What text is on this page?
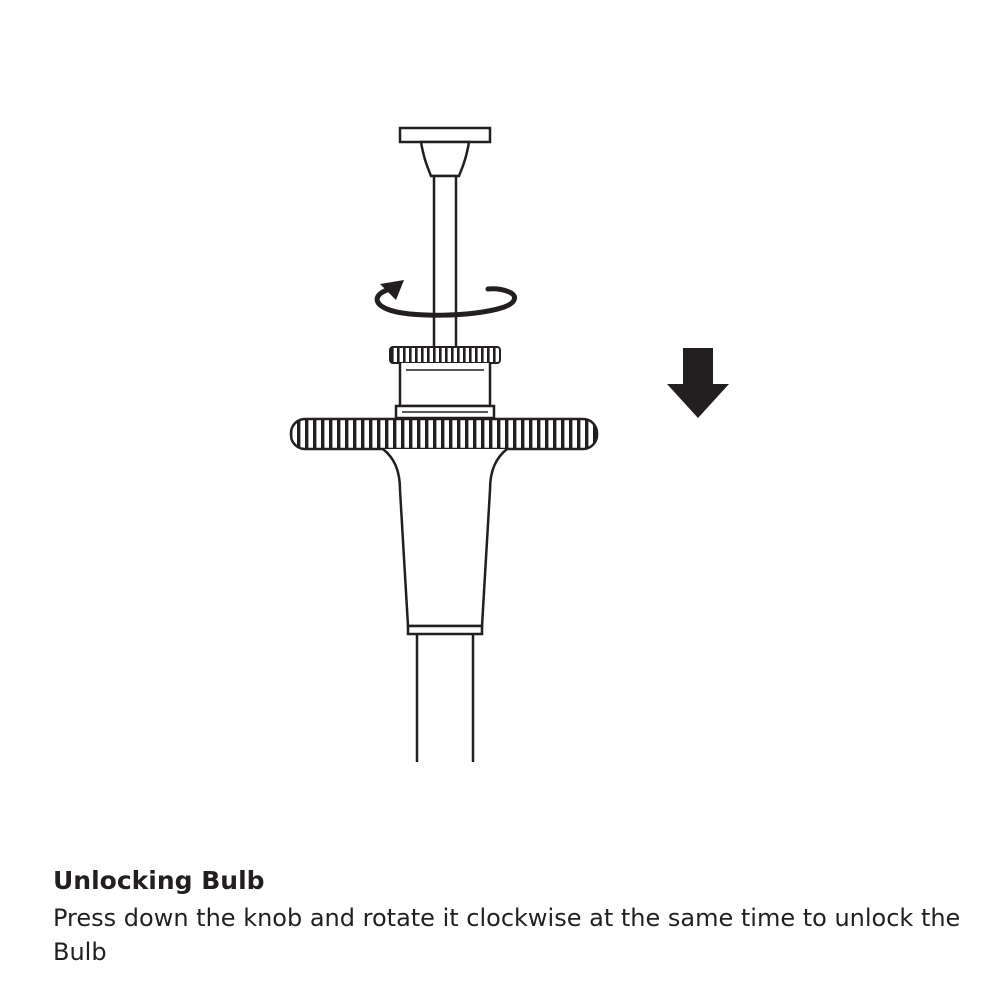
Unlocking Bulb

Press down the knob and rotate it clockwise at the same time to unlock the Bulb
